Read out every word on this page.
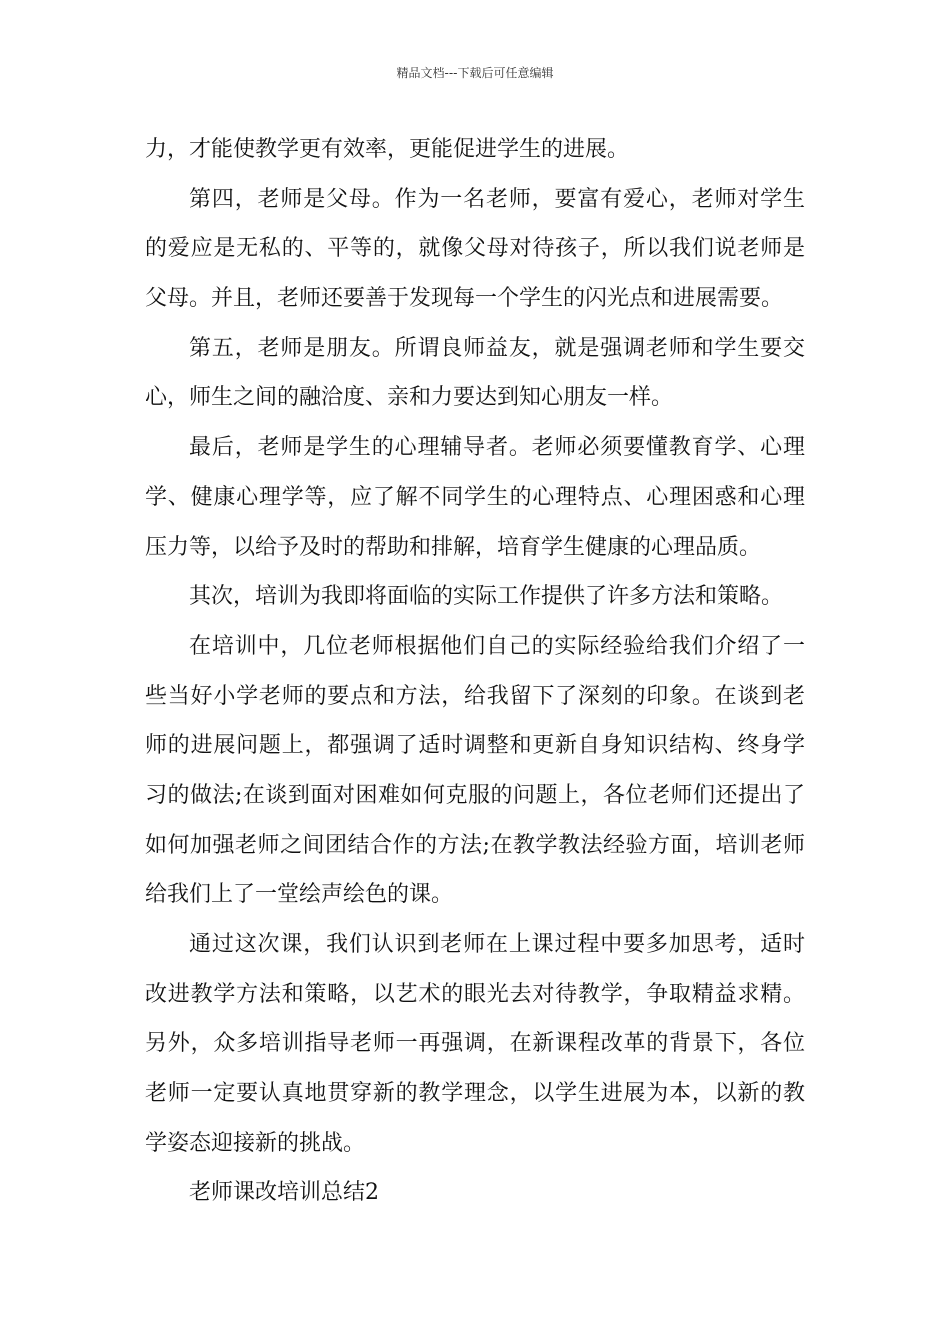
精品文档---下载后可任意编辑
力，才能使教学更有效率，更能促进学生的进展。
第四，老师是父母。作为一名老师，要富有爱心，老师对学生
的爱应是无私的、平等的，就像父母对待孩子，所以我们说老师是
父母。并且，老师还要善于发现每一个学生的闪光点和进展需要。
第五，老师是朋友。所谓良师益友，就是强调老师和学生要交
心，师生之间的融洽度、亲和力要达到知心朋友一样。
最后，老师是学生的心理辅导者。老师必须要懂教育学、心理
学、健康心理学等，应了解不同学生的心理特点、心理困惑和心理
压力等，以给予及时的帮助和排解，培育学生健康的心理品质。
其次，培训为我即将面临的实际工作提供了许多方法和策略。
在培训中，几位老师根据他们自己的实际经验给我们介绍了一
些当好小学老师的要点和方法，给我留下了深刻的印象。在谈到老
师的进展问题上，都强调了适时调整和更新自身知识结构、终身学
习的做法;在谈到面对困难如何克服的问题上，各位老师们还提出了
如何加强老师之间团结合作的方法;在教学教法经验方面，培训老师
给我们上了一堂绘声绘色的课。
通过这次课，我们认识到老师在上课过程中要多加思考，适时
改进教学方法和策略，以艺术的眼光去对待教学，争取精益求精。
另外，众多培训指导老师一再强调，在新课程改革的背景下，各位
老师一定要认真地贯穿新的教学理念，以学生进展为本，以新的教
学姿态迎接新的挑战。
老师课改培训总结2
